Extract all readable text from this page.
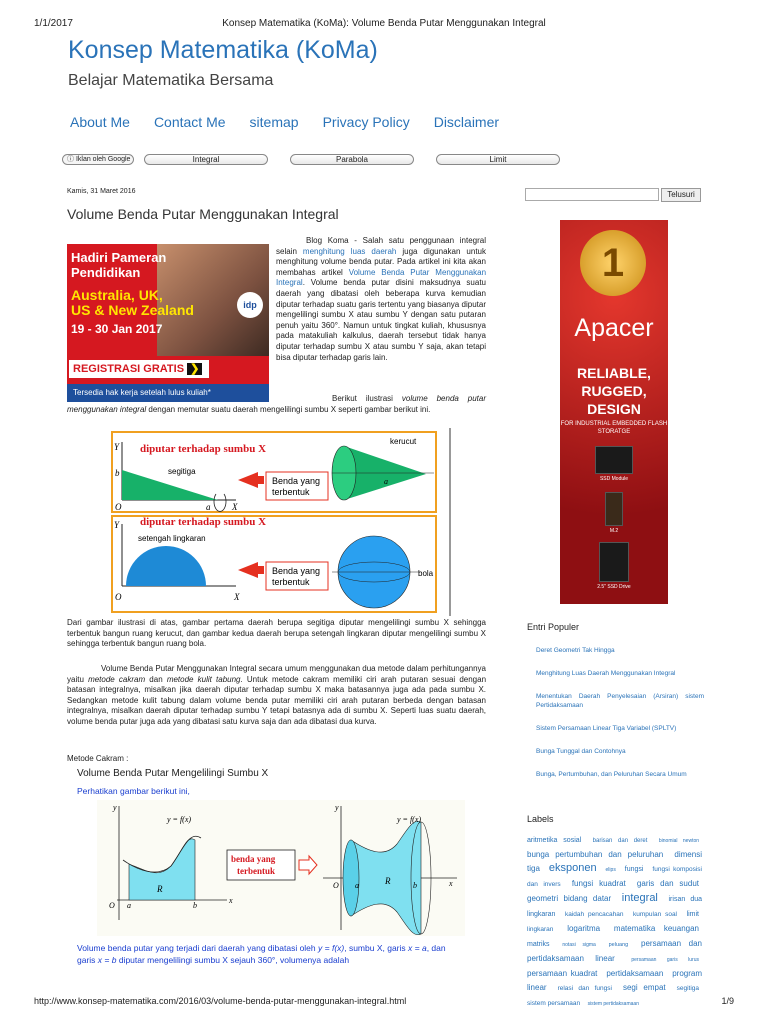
1/1/2017	Konsep Matematika (KoMa): Volume Benda Putar Menggunakan Integral
Konsep Matematika (KoMa)
Belajar Matematika Bersama
About Me Contact Me sitemap Privacy Policy Disclaimer
ⓘ Iklan oleh Google	Integral	Parabola	Limit
Kamis, 31 Maret 2016
Volume Benda Putar Menggunakan Integral
idp
Hadiri Pameran
Pendidikan
Australia, UK,
US & New Zealand
19 - 30 Jan 2017
REGISTRASI GRATIS ❯
Tersedia hak kerja setelah lulus kuliah*
Blog Koma - Salah satu penggunaan integral selain menghitung luas daerah juga digunakan untuk menghitung volume benda putar. Pada artikel ini kita akan membahas artikel Volume Benda Putar Menggunakan Integral. Volume benda putar disini maksudnya suatu daerah yang dibatasi oleh beberapa kurva kemudian diputar terhadap suatu garis tertentu yang biasanya diputar mengelilingi sumbu X atau sumbu Y dengan satu putaran penuh yaitu 360°. Namun untuk tingkat kuliah, khususnya pada matakuliah kalkulus, daerah tersebut tidak hanya diputar terhadap sumbu X atau sumbu Y saja, akan tetapi bisa diputar terhadap garis lain.
Berikut ilustrasi volume benda putar menggunakan integral dengan memutar suatu daerah mengelilingi sumbu X seperti gambar berikut ini.
Y
b
O	a X
diputar terhadap sumbu X
segitiga
Benda yang
terbentuk
kerucut
a
Y
O	X
diputar terhadap sumbu X
setengah lingkaran
Benda yang
terbentuk
bola
Dari gambar ilustrasi di atas, gambar pertama daerah berupa segitiga diputar mengelilingi sumbu X sehingga terbentuk bangun ruang kerucut, dan gambar kedua daerah berupa setengah lingkaran diputar mengelilingi sumbu X sehingga terbentuk bangun ruang bola.
Volume Benda Putar Menggunakan Integral secara umum menggunakan dua metode dalam perhitungannya yaitu metode cakram dan metode kulit tabung. Untuk metode cakram memiliki ciri arah putaran sesuai dengan batasan integralnya, misalkan jika daerah diputar terhadap sumbu X maka batasannya juga ada pada sumbu X. Sedangkan metode kulit tabung dalam volume benda putar memiliki ciri arah putaran berbeda dengan batasan integralnya, misalkan daerah diputar terhadap sumbu Y tetapi batasnya ada di sumbu X. Seperti luas suatu daerah, volume benda putar juga ada yang dibatasi satu kurva saja dan ada dibatasi dua kurva.
Metode Cakram :
Volume Benda Putar Mengelilingi Sumbu X
Perhatikan gambar berikut ini,
y
y = f(x)
R
O a	b
x
benda yang
terbentuk
y
y = f(x)
R
O a	b	x
Volume benda putar yang terjadi dari daerah yang dibatasi oleh y = f(x), sumbu X, garis x = a, dan garis x = b diputar mengelilingi sumbu X sejauh 360°, volumenya adalah
Telusuri
1
Apacer
RELIABLE,
RUGGED,
DESIGN
FOR INDUSTRIAL EMBEDDED FLASH STORATGE
SSD Module
M.2
2.5" SSD Drive
Entri Populer
Deret Geometri Tak Hingga
Menghitung Luas Daerah Menggunakan Integral
Menentukan Daerah Penyelesaian (Arsiran) sistem Pertidaksamaan
Sistem Persamaan Linear Tiga Variabel (SPLTV)
Bunga Tunggal dan Contohnya
Bunga, Pertumbuhan, dan Peluruhan Secara Umum
Labels
aritmetika sosial barisan dan deret binomial newton bunga pertumbuhan dan peluruhan dimensi tiga eksponen elips fungsi fungsi komposisi dan invers fungsi kuadrat garis dan sudut geometri bidang datar integral irisan dua lingkaran kaidah pencacahan kumpulan soal limit lingkaran logaritma matematika keuangan matriks	notasi sigma peluang persamaan dan pertidaksamaan linear	persamaan garis lurus persamaan kuadrat pertidaksamaan program linear relasi dan fungsi segi empat segitiga sistem persamaan sistem pertidaksamaan
http://www.konsep-matematika.com/2016/03/volume-benda-putar-menggunakan-integral.html	1/9
